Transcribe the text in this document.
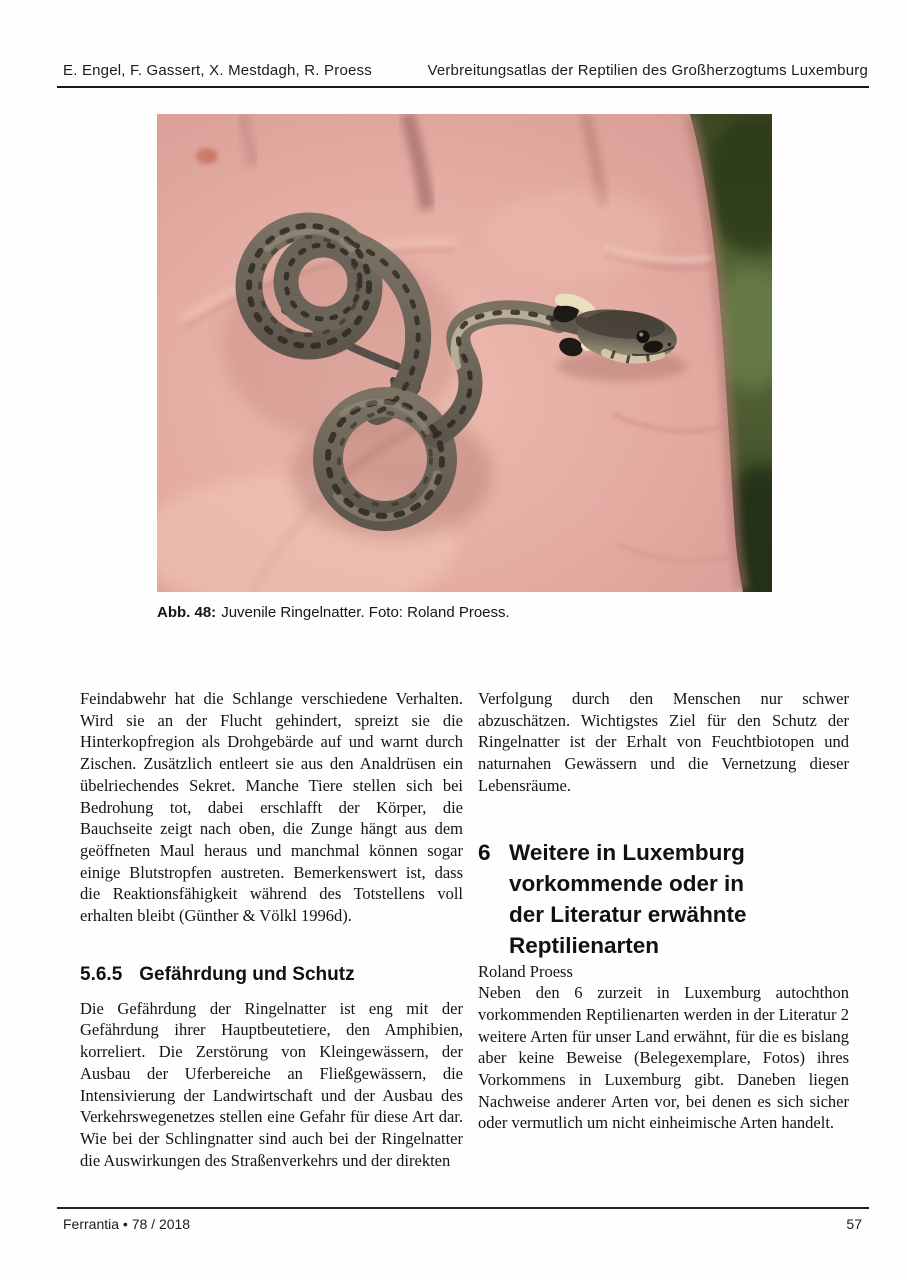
E. Engel, F. Gassert, X. Mestdagh, R. Proess	Verbreitungsatlas der Reptilien des Großherzogtums Luxemburg
Abb. 48: Juvenile Ringelnatter. Foto: Roland Proess.

Feindabwehr hat die Schlange verschiedene Verhalten. Wird sie an der Flucht gehindert, spreizt sie die Hinterkopfregion als Drohgebärde auf und warnt durch Zischen. Zusätzlich entleert sie aus den Analdrüsen ein übelriechendes Sekret. Manche Tiere stellen sich bei Bedrohung tot, dabei erschlafft der Körper, die Bauchseite zeigt nach oben, die Zunge hängt aus dem geöffneten Maul heraus und manchmal können sogar einige Blutstropfen austreten. Bemerkenswert ist, dass die Reaktionsfähigkeit während des Totstellens voll erhalten bleibt (Günther & Völkl 1996d).

5.6.5 Gefährdung und Schutz

Die Gefährdung der Ringelnatter ist eng mit der Gefährdung ihrer Hauptbeutetiere, den Amphibien, korreliert. Die Zerstörung von Kleingewässern, der Ausbau der Uferbereiche an Fließgewässern, die Intensivierung der Landwirtschaft und der Ausbau des Verkehrswegenetzes stellen eine Gefahr für diese Art dar. Wie bei der Schlingnatter sind auch bei der Ringelnatter die Auswirkungen des Straßenverkehrs und der direkten

Verfolgung durch den Menschen nur schwer abzuschätzen. Wichtigstes Ziel für den Schutz der Ringelnatter ist der Erhalt von Feuchtbiotopen und naturnahen Gewässern und die Vernetzung dieser Lebensräume.

6 Weitere in Luxemburg
vorkommende oder in
der Literatur erwähnte
Reptilienarten

Roland Proess

Neben den 6 zurzeit in Luxemburg autochthon vorkommenden Reptilienarten werden in der Literatur 2 weitere Arten für unser Land erwähnt, für die es bislang aber keine Beweise (Belegexemplare, Fotos) ihres Vorkommens in Luxemburg gibt. Daneben liegen Nachweise anderer Arten vor, bei denen es sich sicher oder vermutlich um nicht einheimische Arten handelt.

Ferrantia • 78 / 2018	57
